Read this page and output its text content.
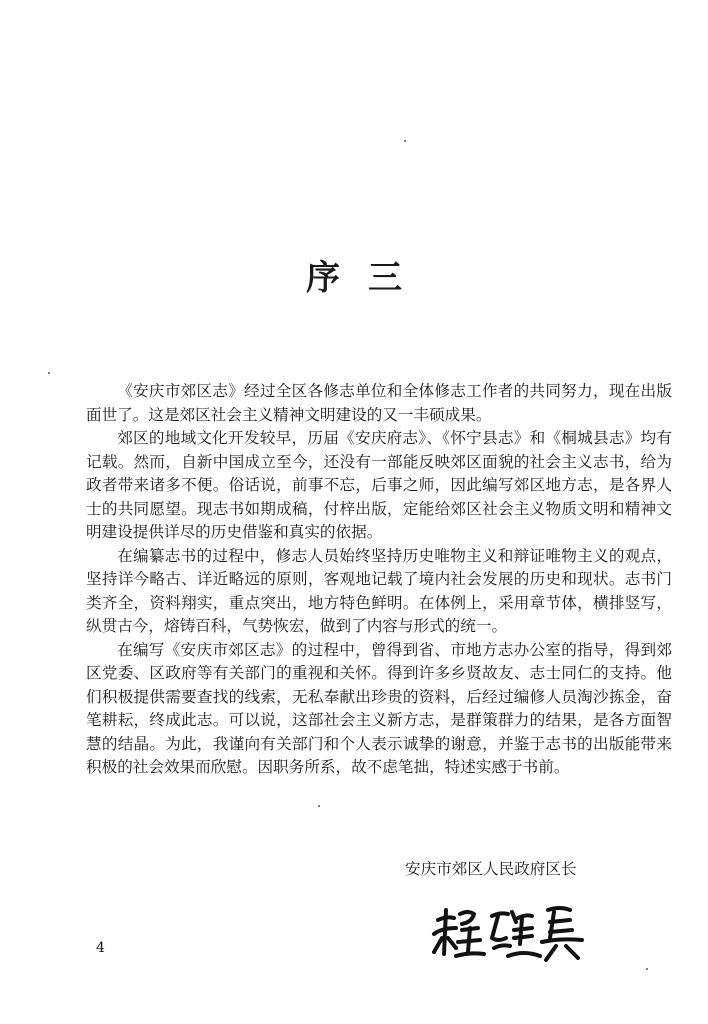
序 三

《安庆市郊区志》经过全区各修志单位和全体修志工作者的共同努力，现在出版面世了。这是郊区社会主义精神文明建设的又一丰硕成果。

郊区的地域文化开发较早，历届《安庆府志》、《怀宁县志》和《桐城县志》均有记载。然而，自新中国成立至今，还没有一部能反映郊区面貌的社会主义志书，给为政者带来诸多不便。俗话说，前事不忘，后事之师，因此编写郊区地方志，是各界人士的共同愿望。现志书如期成稿，付梓出版，定能给郊区社会主义物质文明和精神文明建设提供详尽的历史借鉴和真实的依据。

在编纂志书的过程中，修志人员始终坚持历史唯物主义和辩证唯物主义的观点，坚持详今略古、详近略远的原则，客观地记载了境内社会发展的历史和现状。志书门类齐全，资料翔实，重点突出，地方特色鲜明。在体例上，采用章节体，横排竖写，纵贯古今，熔铸百科，气势恢宏，做到了内容与形式的统一。

在编写《安庆市郊区志》的过程中，曾得到省、市地方志办公室的指导，得到郊区党委、区政府等有关部门的重视和关怀。得到许多乡贤故友、志士同仁的支持。他们积极提供需要查找的线索，无私奉献出珍贵的资料，后经过编修人员淘沙拣金，奋笔耕耘，终成此志。可以说，这部社会主义新方志，是群策群力的结果，是各方面智慧的结晶。为此，我谨向有关部门和个人表示诚挚的谢意，并鉴于志书的出版能带来积极的社会效果而欣慰。因职务所系，故不虑笔拙，特述实感于书前。

安庆市郊区人民政府区长
4
